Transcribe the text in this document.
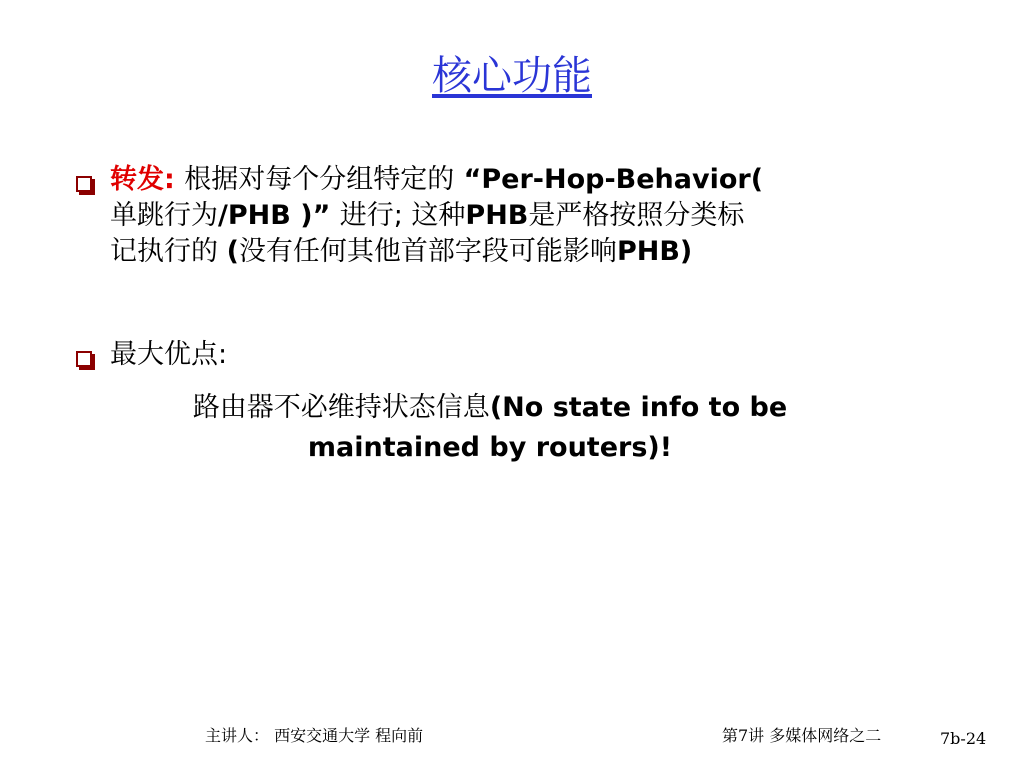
核心功能
转发: 根据对每个分组特定的 “Per-Hop-Behavior(
单跳行为/PHB )” 进行; 这种PHB是严格按照分类标
记执行的 (没有任何其他首部字段可能影响PHB)
最大优点:
路由器不必维持状态信息(No state info to be
maintained by routers)!
主讲人： 西安交通大学 程向前	第7讲 多媒体网络之二	7b-24
